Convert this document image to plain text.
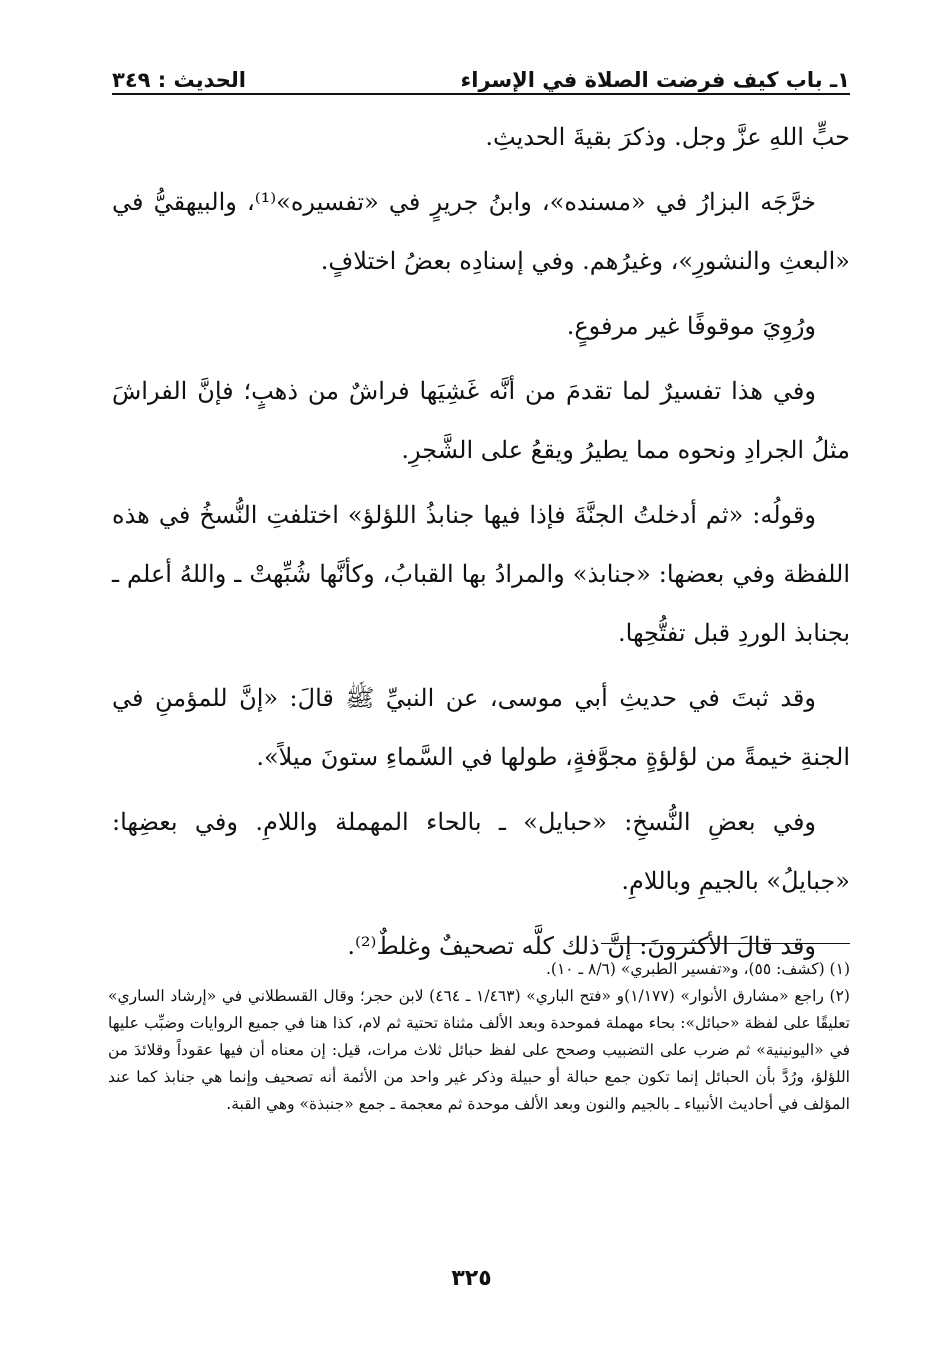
١ـ باب كيف فرضت الصلاة في الإسراء
الحديث : ٣٤٩

حبٍّ اللهِ عزَّ وجل. وذكرَ بقيةَ الحديثِ.

خرَّجَه البزارُ في «مسنده»، وابنُ جريرٍ في «تفسيره»⁽¹⁾، والبيهقيُّ في «البعثِ والنشورِ»، وغيرُهم. وفي إسنادِه بعضُ اختلافٍ.

ورُوِيَ موقوفًا غير مرفوعٍ.

وفي هذا تفسيرٌ لما تقدمَ من أنَّه غَشِيَها فراشٌ من ذهبٍ؛ فإنَّ الفراشَ مثلُ الجرادِ ونحوه مما يطيرُ ويقعُ على الشَّجرِ.

وقولُه: «ثم أدخلتُ الجنَّةَ فإذا فيها جنابذُ اللؤلؤ» اختلفتِ النُّسخُ في هذه اللفظة وفي بعضها: «جنابذ» والمرادُ بها القبابُ، وكأنَّها شُبِّهتْ ـ واللهُ أعلم ـ بجنابذ الوردِ قبل تفتُّحِها.

وقد ثبتَ في حديثِ أبي موسى، عن النبيِّ ﷺ قالَ: «إنَّ للمؤمنِ في الجنةِ خيمةً من لؤلؤةٍ مجوَّفةٍ، طولها في السَّماءِ ستونَ ميلاً».

وفي بعضِ النُّسخِ: «حبايل» ـ بالحاء المهملة واللامِ. وفي بعضِها: «جبايلُ» بالجيمِ وباللامِ.

وقد قالَ الأكثرونَ: إنَّ ذلك كلَّه تصحيفٌ وغلطٌ⁽²⁾.

(١) (كشف: ٥٥)، و«تفسير الطبري» (٨/٦ ـ ١٠).

(٢) راجع «مشارق الأنوار» (١/١٧٧)و «فتح الباري» (١/٤٦٣ ـ ٤٦٤) لابن حجر؛ وقال القسطلاني في «إرشاد الساري» تعليقًا على لفظة «حبائل»: بحاء مهملة فموحدة وبعد الألف مثناة تحتية ثم لام، كذا هنا في جميع الروايات وضبِّب عليها في «اليونينية» ثم ضرب على التضبيب وصحح على لفظ حبائل ثلاث مرات، قيل: إن معناه أن فيها عقوداً وقلائدَ من اللؤلؤ، ورُدَّ بأن الحبائل إنما تكون جمع حبالة أو حبيلة وذكر غير واحد من الأئمة أنه تصحيف وإنما هي جنابذ كما عند المؤلف في أحاديث الأنبياء ـ بالجيم والنون وبعد الألف موحدة ثم معجمة ـ جمع «جنبذة» وهي القبة.

٣٢٥
